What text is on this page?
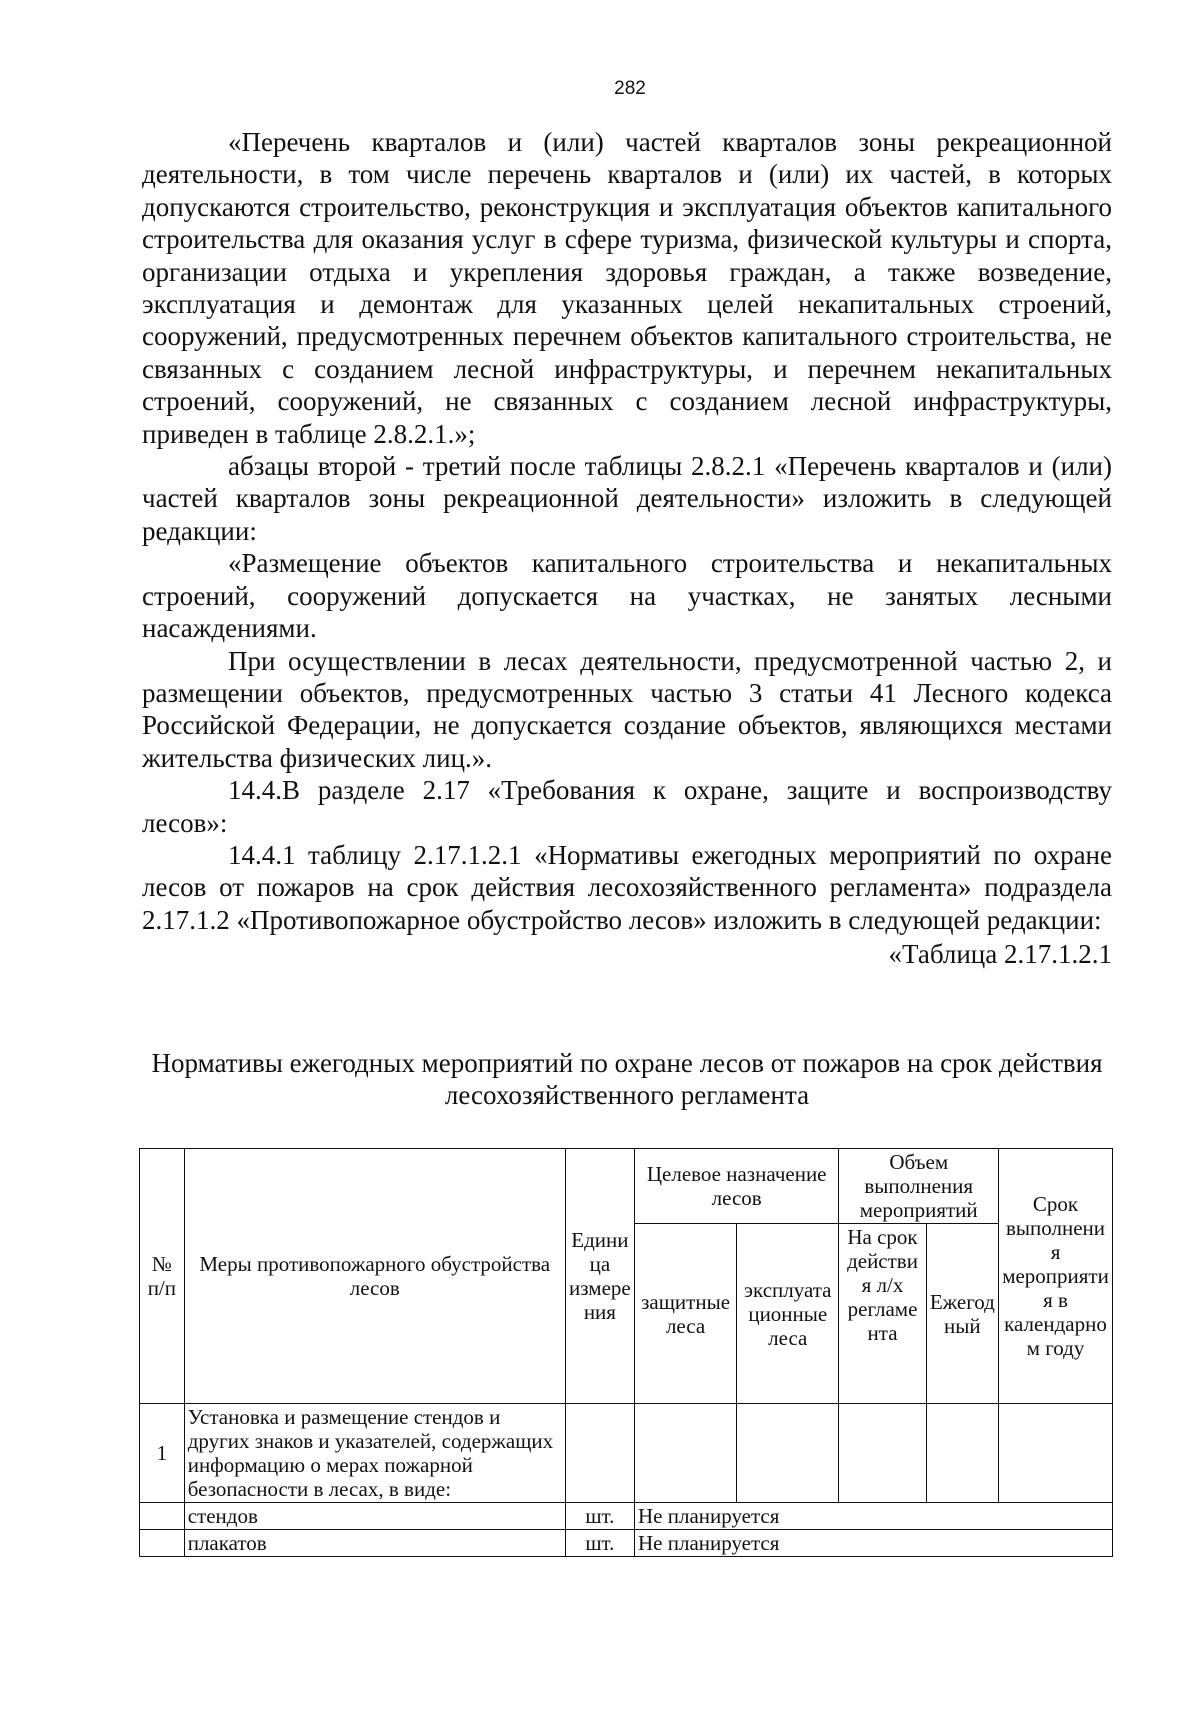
282

«Перечень кварталов и (или) частей кварталов зоны рекреационной деятельности, в том числе перечень кварталов и (или) их частей, в которых допускаются строительство, реконструкция и эксплуатация объектов капитального строительства для оказания услуг в сфере туризма, физической культуры и спорта, организации отдыха и укрепления здоровья граждан, а также возведение, эксплуатация и демонтаж для указанных целей некапитальных строений, сооружений, предусмотренных перечнем объектов капитального строительства, не связанных с созданием лесной инфраструктуры, и перечнем некапитальных строений, сооружений, не связанных с созданием лесной инфраструктуры, приведен в таблице 2.8.2.1.»;

абзацы второй - третий после таблицы 2.8.2.1 «Перечень кварталов и (или) частей кварталов зоны рекреационной деятельности» изложить в следующей редакции:

«Размещение объектов капитального строительства и некапитальных строений, сооружений допускается на участках, не занятых лесными насаждениями.

При осуществлении в лесах деятельности, предусмотренной частью 2, и размещении объектов, предусмотренных частью 3 статьи 41 Лесного кодекса Российской Федерации, не допускается создание объектов, являющихся местами жительства физических лиц.».

14.4.В разделе 2.17 «Требования к охране, защите и воспроизводству лесов»:

14.4.1 таблицу 2.17.1.2.1 «Нормативы ежегодных мероприятий по охране лесов от пожаров на срок действия лесохозяйственного регламента» подраздела 2.17.1.2 «Противопожарное обустройство лесов» изложить в следующей редакции:

«Таблица 2.17.1.2.1

Нормативы ежегодных мероприятий по охране лесов от пожаров на срок действия лесохозяйственного регламента
№ п/п	Меры противопожарного обустройства лесов	Единица измерения	Целевое назначение лесов		Объем выполнения мероприятий		Срок выполнения мероприятия в календарном году
			защитные леса	эксплуатационные леса	На срок действия л/х регламента	Ежегодный	
1	Установка и размещение стендов и других знаков и указателей, содержащих информацию о мерах пожарной безопасности в лесах, в виде:						
	стендов	шт.	Не планируется				
	плакатов	шт.	Не планируется				
